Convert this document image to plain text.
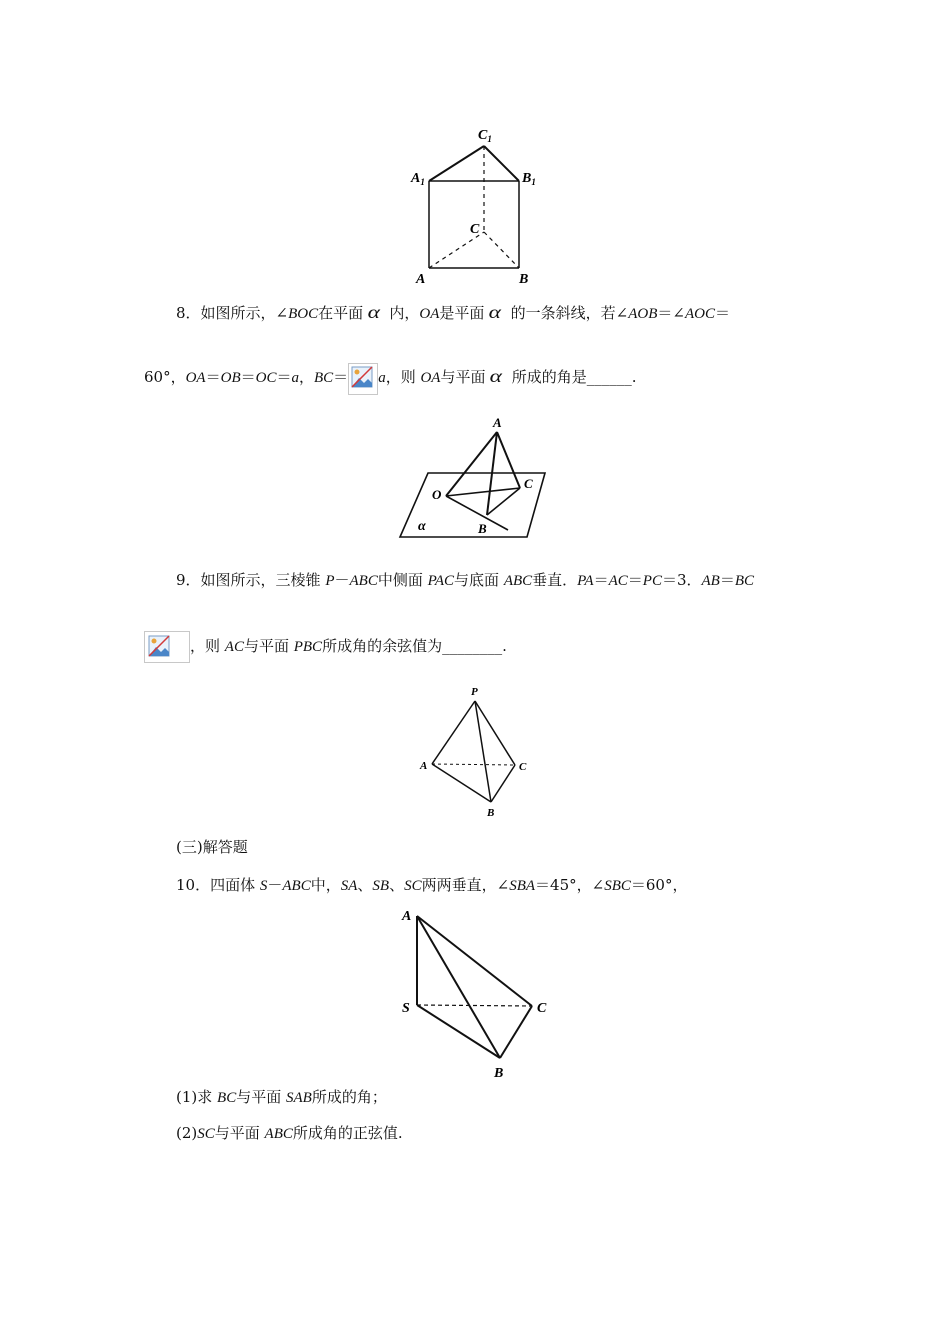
$C_1$
$A_1$	$B_1$
C
A	B
8．如图所示，∠BOC在平面 α 内，OA是平面 α 的一条斜线，若∠AOB＝∠AOC＝
60°，OA＝OB＝OC＝a，BC＝ a，则 OA与平面 α 所成的角是______.
A
O
C
B
α
9．如图所示，三棱锥 P－ABC中侧面 PAC与底面 ABC垂直．PA＝AC＝PC＝3．AB＝BC
，则 AC与平面 PBC所成角的余弦值为________.
P
A	C
B
(三)解答题
10．四面体 S－ABC中，SA、SB、SC两两垂直，∠SBA＝45°，∠SBC＝60°，
A
S	C
B
(1)求 BC与平面 SAB所成的角；
(2)SC与平面 ABC所成角的正弦值.
